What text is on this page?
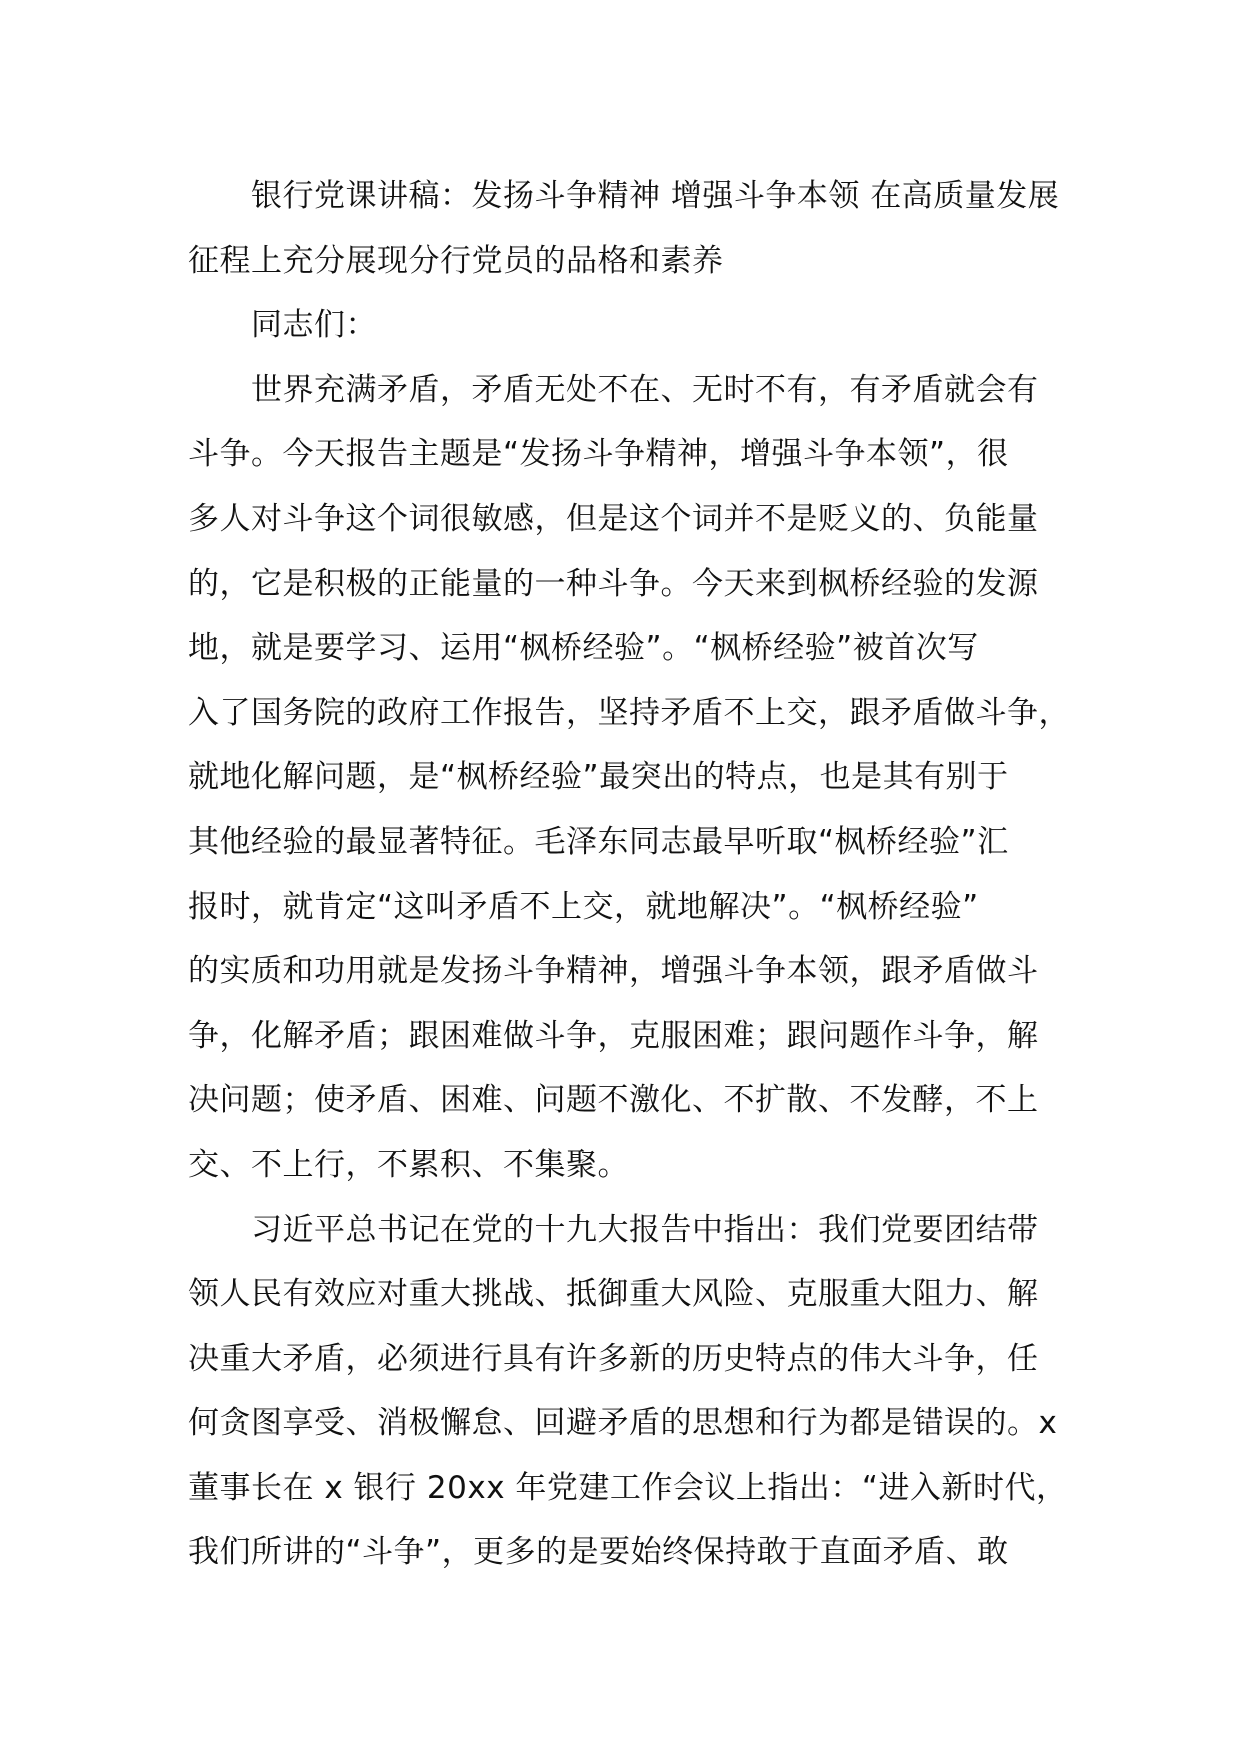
银行党课讲稿：发扬斗争精神 增强斗争本领 在高质量发展
征程上充分展现分行党员的品格和素养
同志们：
世界充满矛盾，矛盾无处不在、无时不有，有矛盾就会有
斗争。今天报告主题是“发扬斗争精神，增强斗争本领”，很
多人对斗争这个词很敏感，但是这个词并不是贬义的、负能量
的，它是积极的正能量的一种斗争。今天来到枫桥经验的发源
地，就是要学习、运用“枫桥经验”。“枫桥经验”被首次写
入了国务院的政府工作报告，坚持矛盾不上交，跟矛盾做斗争，
就地化解问题，是“枫桥经验”最突出的特点，也是其有别于
其他经验的最显著特征。毛泽东同志最早听取“枫桥经验”汇
报时，就肯定“这叫矛盾不上交，就地解决”。“枫桥经验”
的实质和功用就是发扬斗争精神，增强斗争本领，跟矛盾做斗
争，化解矛盾；跟困难做斗争，克服困难；跟问题作斗争，解
决问题；使矛盾、困难、问题不激化、不扩散、不发酵，不上
交、不上行，不累积、不集聚。
习近平总书记在党的十九大报告中指出：我们党要团结带
领人民有效应对重大挑战、抵御重大风险、克服重大阻力、解
决重大矛盾，必须进行具有许多新的历史特点的伟大斗争，任
何贪图享受、消极懈怠、回避矛盾的思想和行为都是错误的。x
董事长在 x 银行 20xx 年党建工作会议上指出：“进入新时代，
我们所讲的“斗争”，更多的是要始终保持敢于直面矛盾、敢
